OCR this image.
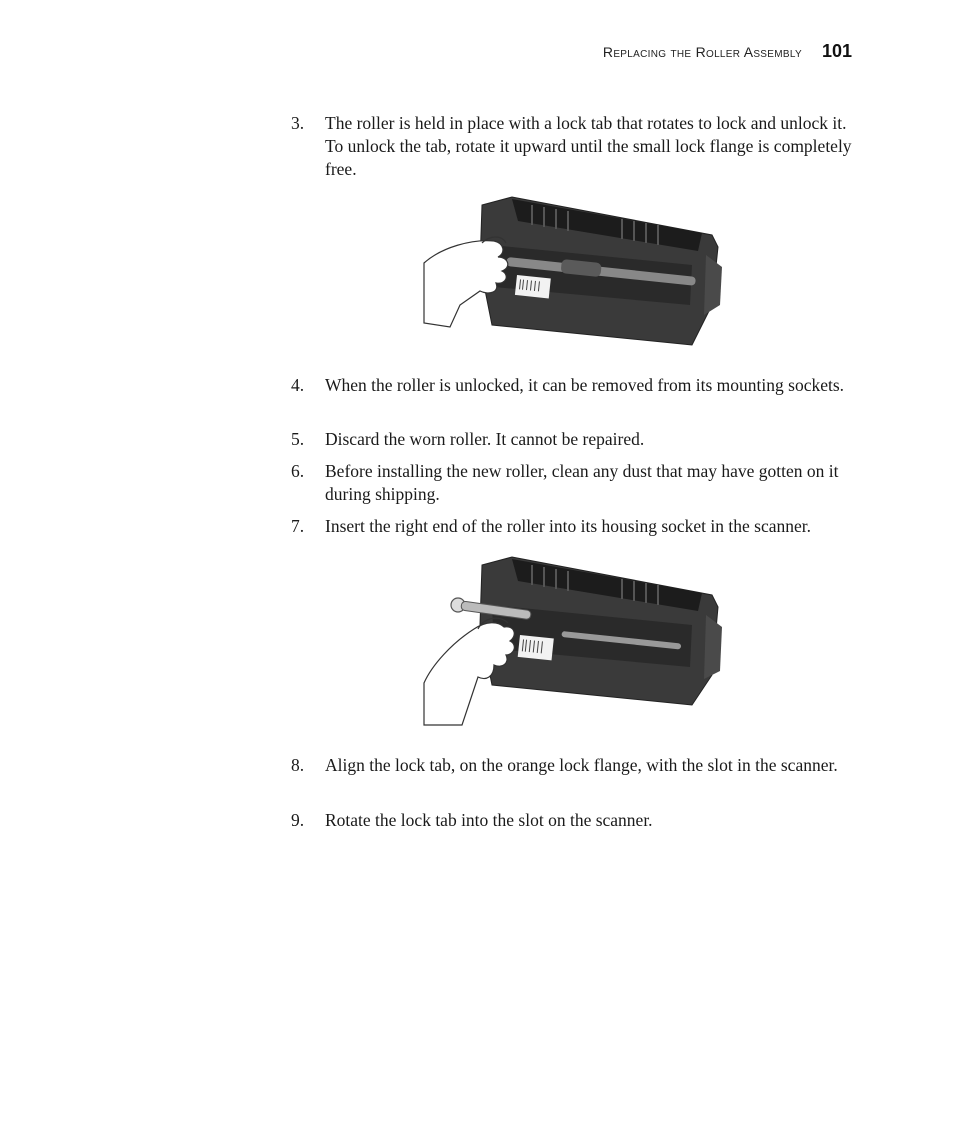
Replacing the Roller Assembly 101
3.	The roller is held in place with a lock tab that rotates to lock and unlock it. To unlock the tab, rotate it upward until the small lock flange is completely free.
4.	When the roller is unlocked, it can be removed from its mounting sockets.
5.	Discard the worn roller. It cannot be repaired.
6.	Before installing the new roller, clean any dust that may have gotten on it during shipping.
7.	Insert the right end of the roller into its housing socket in the scanner.
8.	Align the lock tab, on the orange lock flange, with the slot in the scanner.
9.	Rotate the lock tab into the slot on the scanner.
